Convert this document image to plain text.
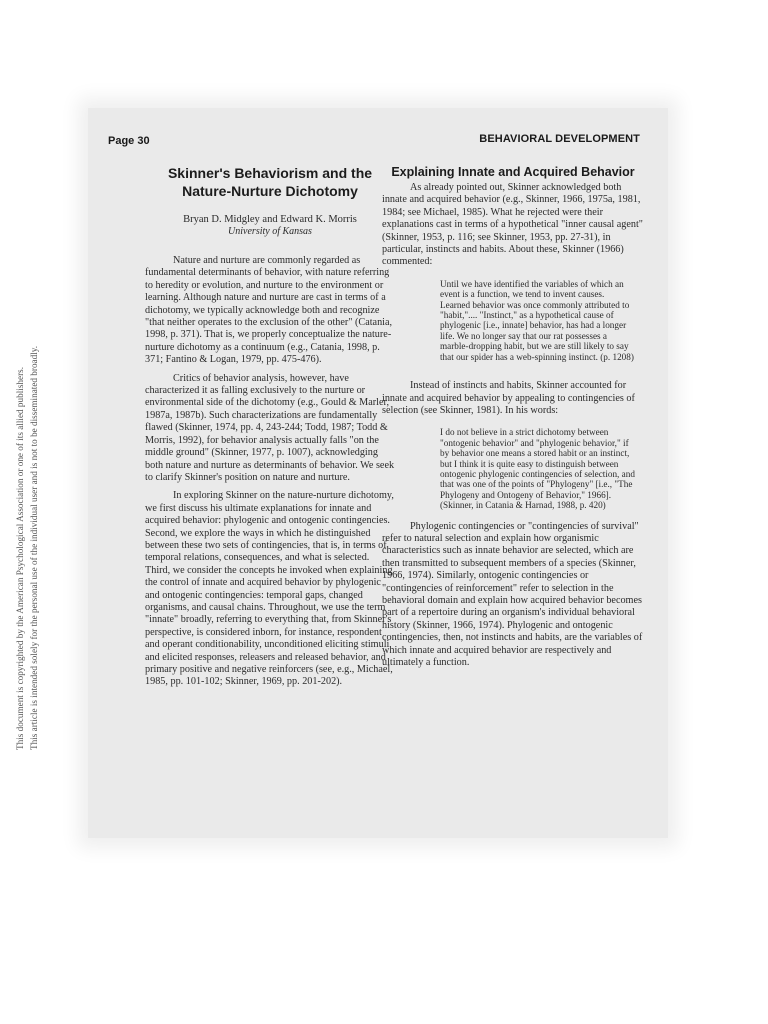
This document is copyrighted by the American Psychological Association or one of its allied publishers. This article is intended solely for the personal use of the individual user and is not to be disseminated broadly.
Page 30	BEHAVIORAL DEVELOPMENT
Skinner's Behaviorism and the Nature-Nurture Dichotomy
Bryan D. Midgley and Edward K. Morris
University of Kansas

Nature and nurture are commonly regarded as fundamental determinants of behavior, with nature referring to heredity or evolution, and nurture to the environment or learning. Although nature and nurture are cast in terms of a dichotomy, we typically acknowledge both and recognize "that neither operates to the exclusion of the other" (Catania, 1998, p. 371). That is, we properly conceptualize the nature-nurture dichotomy as a continuum (e.g., Catania, 1998, p. 371; Fantino & Logan, 1979, pp. 475-476).

Critics of behavior analysis, however, have characterized it as falling exclusively to the nurture or environmental side of the dichotomy (e.g., Gould & Marler, 1987a, 1987b). Such characterizations are fundamentally flawed (Skinner, 1974, pp. 4, 243-244; Todd, 1987; Todd & Morris, 1992), for behavior analysis actually falls "on the middle ground" (Skinner, 1977, p. 1007), acknowledging both nature and nurture as determinants of behavior. We seek to clarify Skinner's position on nature and nurture.

In exploring Skinner on the nature-nurture dichotomy, we first discuss his ultimate explanations for innate and acquired behavior: phylogenic and ontogenic contingencies. Second, we explore the ways in which he distinguished between these two sets of contingencies, that is, in terms of temporal relations, consequences, and what is selected. Third, we consider the concepts he invoked when explaining the control of innate and acquired behavior by phylogenic and ontogenic contingencies: temporal gaps, changed organisms, and causal chains. Throughout, we use the term "innate" broadly, referring to everything that, from Skinner's perspective, is considered inborn, for instance, respondent and operant conditionability, unconditioned eliciting stimuli and elicited responses, releasers and released behavior, and primary positive and negative reinforcers (see, e.g., Michael, 1985, pp. 101-102; Skinner, 1969, pp. 201-202).

Explaining Innate and Acquired Behavior

As already pointed out, Skinner acknowledged both innate and acquired behavior (e.g., Skinner, 1966, 1975a, 1981, 1984; see Michael, 1985). What he rejected were their explanations cast in terms of a hypothetical "inner causal agent" (Skinner, 1953, p. 116; see Skinner, 1953, pp. 27-31), in particular, instincts and habits. About these, Skinner (1966) commented:

Until we have identified the variables of which an event is a function, we tend to invent causes. Learned behavior was once commonly attributed to "habit,".... "Instinct," as a hypothetical cause of phylogenic [i.e., innate] behavior, has had a longer life. We no longer say that our rat possesses a marble-dropping habit, but we are still likely to say that our spider has a web-spinning instinct. (p. 1208)

Instead of instincts and habits, Skinner accounted for innate and acquired behavior by appealing to contingencies of selection (see Skinner, 1981). In his words:

I do not believe in a strict dichotomy between "ontogenic behavior" and "phylogenic behavior," if by behavior one means a stored habit or an instinct, but I think it is quite easy to distinguish between ontogenic phylogenic contingencies of selection, and that was one of the points of "Phylogeny" [i.e., "The Phylogeny and Ontogeny of Behavior," 1966]. (Skinner, in Catania & Harnad, 1988, p. 420)

Phylogenic contingencies or "contingencies of survival" refer to natural selection and explain how organismic characteristics such as innate behavior are selected, which are then transmitted to subsequent members of a species (Skinner, 1966, 1974). Similarly, ontogenic contingencies or "contingencies of reinforcement" refer to selection in the behavioral domain and explain how acquired behavior becomes part of a repertoire during an organism's individual behavioral history (Skinner, 1966, 1974). Phylogenic and ontogenic contingencies, then, not instincts and habits, are the variables of which innate and acquired behavior are respectively and ultimately a function.
